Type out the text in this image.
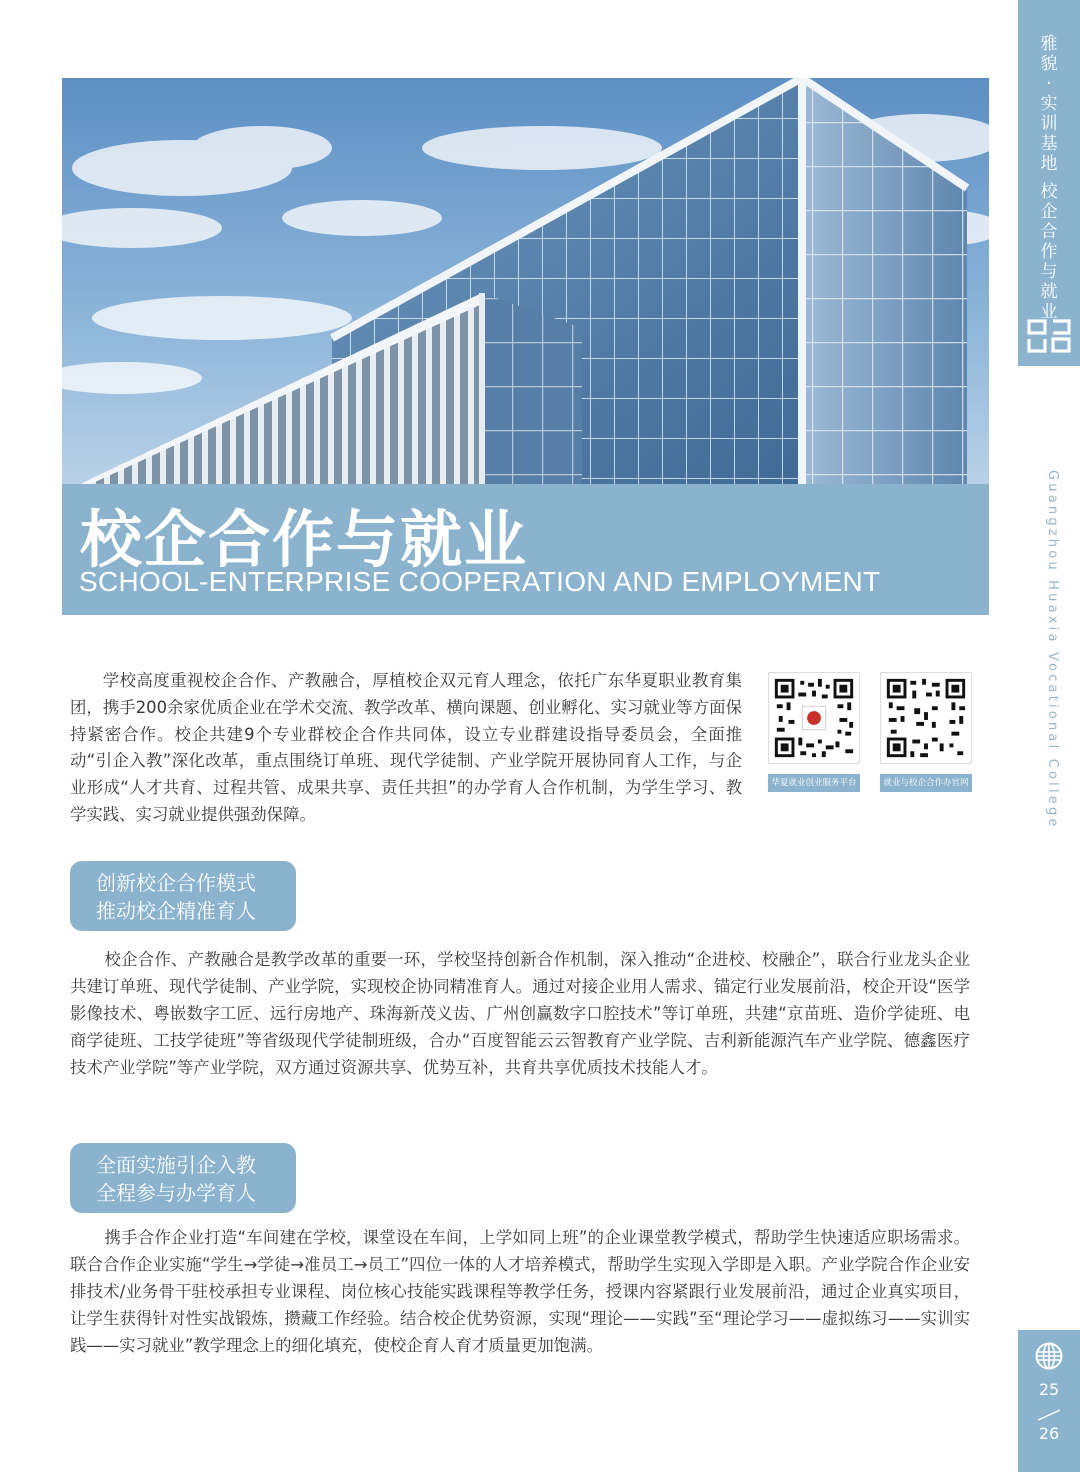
雅
貌
·
实
训
基
地
校
企
合
作
与
就
业
Guangzhou Huaxia Vocational College
25
26
校企合作与就业
SCHOOL-ENTERPRISE COOPERATION AND EMPLOYMENT

学校高度重视校企合作、产教融合，厚植校企双元育人理念，依托广东华夏职业教育集团，携手200余家优质企业在学术交流、教学改革、横向课题、创业孵化、实习就业等方面保持紧密合作。校企共建9个专业群校企合作共同体，设立专业群建设指导委员会，全面推动“引企入教”深化改革，重点围绕订单班、现代学徒制、产业学院开展协同育人工作，与企业形成“人才共育、过程共管、成果共享、责任共担”的办学育人合作机制，为学生学习、教学实践、实习就业提供强劲保障。

华夏就业创业服务平台	就业与校企合作办官网
创新校企合作模式
推动校企精准育人

校企合作、产教融合是教学改革的重要一环，学校坚持创新合作机制，深入推动“企进校、校融企”，联合行业龙头企业共建订单班、现代学徒制、产业学院，实现校企协同精准育人。通过对接企业用人需求、锚定行业发展前沿，校企开设“医学影像技术、粤嵌数字工匠、远行房地产、珠海新茂义齿、广州创赢数字口腔技术”等订单班，共建“京苗班、造价学徒班、电商学徒班、工技学徒班”等省级现代学徒制班级，合办“百度智能云云智教育产业学院、吉利新能源汽车产业学院、德鑫医疗技术产业学院”等产业学院，双方通过资源共享、优势互补，共育共享优质技术技能人才。

全面实施引企入教
全程参与办学育人

携手合作企业打造“车间建在学校，课堂设在车间，上学如同上班”的企业课堂教学模式，帮助学生快速适应职场需求。联合合作企业实施“学生→学徒→准员工→员工”四位一体的人才培养模式，帮助学生实现入学即是入职。产业学院合作企业安排技术/业务骨干驻校承担专业课程、岗位核心技能实践课程等教学任务，授课内容紧跟行业发展前沿，通过企业真实项目，让学生获得针对性实战锻炼，攒藏工作经验。结合校企优势资源，实现“理论——实践”至“理论学习——虚拟练习——实训实践——实习就业”教学理念上的细化填充，使校企育人育才质量更加饱满。
